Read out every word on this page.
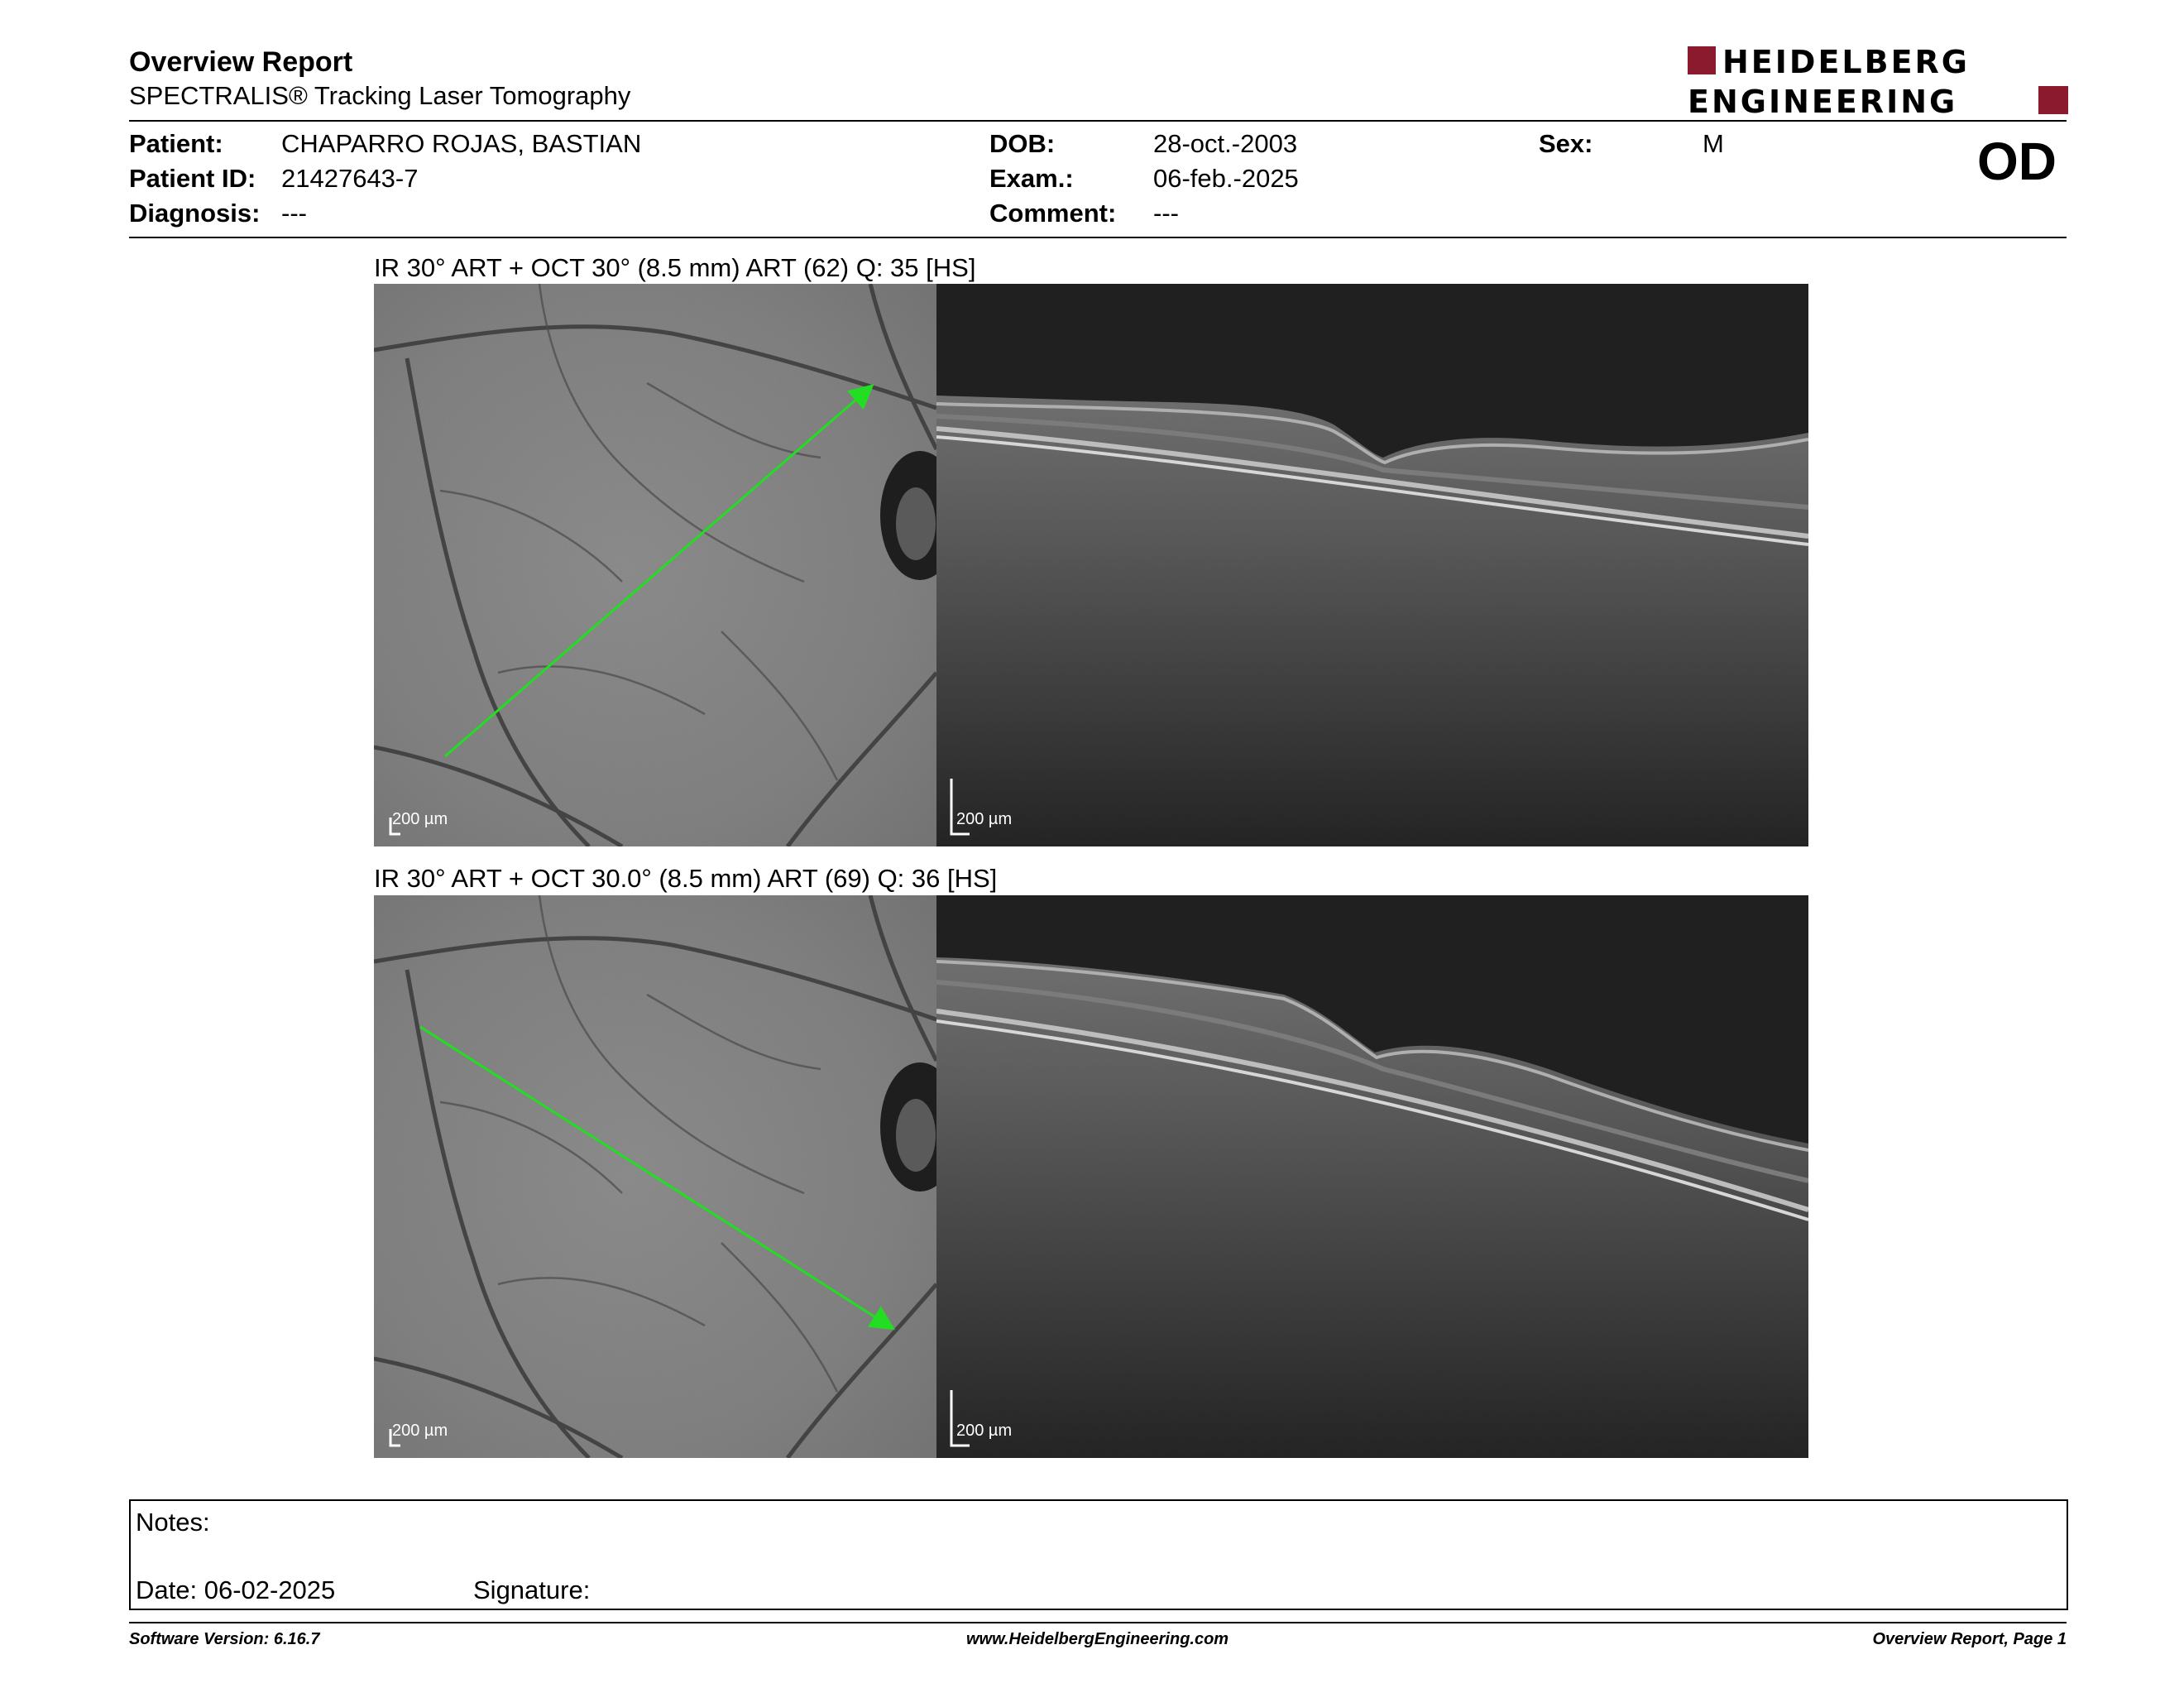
Overview Report
SPECTRALIS® Tracking Laser Tomography
HEIDELBERG
ENGINEERING
Patient: CHAPARRO ROJAS, BASTIAN
Patient ID: 21427643-7
Diagnosis: ---
DOB:	28-oct.-2003
Exam.:	06-feb.-2025
Comment: ---
Sex:	M	OD
IR 30° ART + OCT 30° (8.5 mm) ART (62) Q: 35 [HS]
200 µm	200 µm
IR 30° ART + OCT 30.0° (8.5 mm) ART (69) Q: 36 [HS]
200 µm	200 µm
Notes:
Date: 06-02-2025	Signature:
Software Version: 6.16.7	www.HeidelbergEngineering.com	Overview Report, Page 1
